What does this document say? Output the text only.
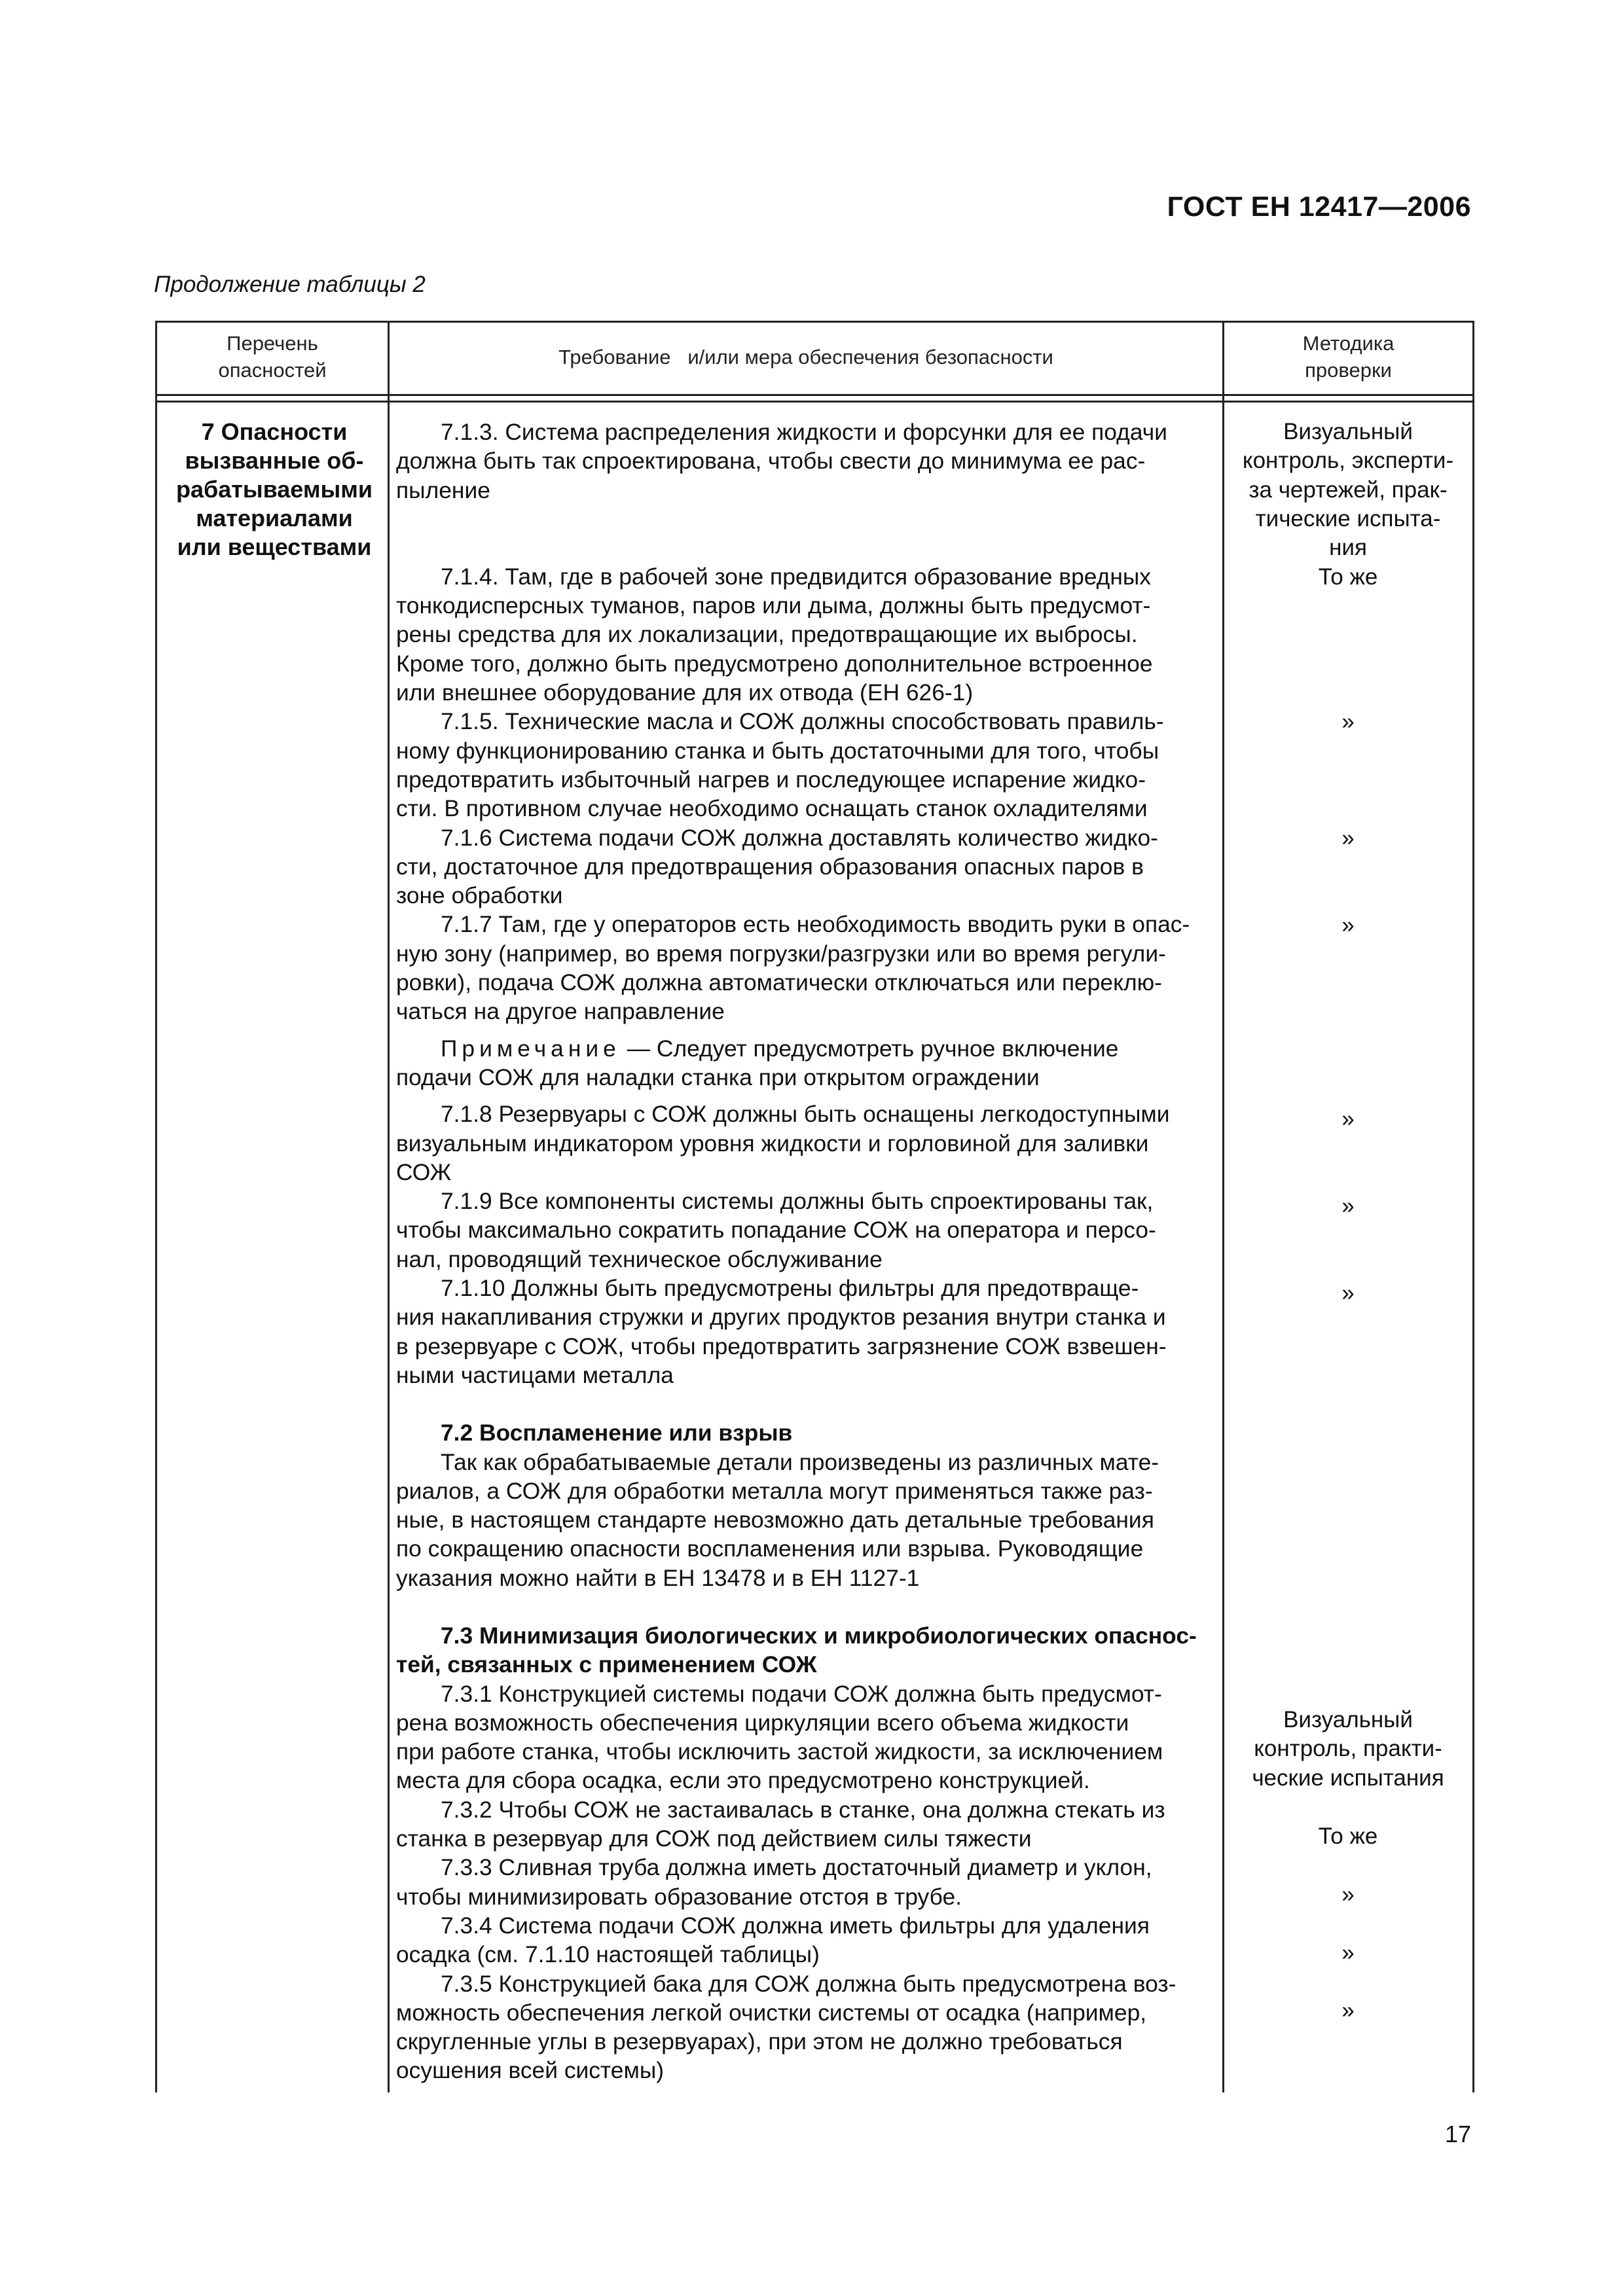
ГОСТ ЕН 12417—2006
Продолжение таблицы 2
Перечень
опасностей
Требование   и/или мера обеспечения безопасности
Методика
проверки
7 Опасности
вызванные об-
рабатываемыми
материалами
или веществами
7.1.3. Система распределения жидкости и форсунки для ее подачи
должна быть так спроектирована, чтобы свести до минимума ее рас-
пыление
7.1.4. Там, где в рабочей зоне предвидится образование вредных
тонкодисперсных туманов, паров или дыма, должны быть предусмот-
рены средства для их локализации, предотвращающие их выбросы.
Кроме того, должно быть предусмотрено дополнительное встроенное
или внешнее оборудование для их отвода (ЕН 626-1)
7.1.5. Технические масла и СОЖ должны способствовать правиль-
ному функционированию станка и быть достаточными для того, чтобы
предотвратить избыточный нагрев и последующее испарение жидко-
сти. В противном случае необходимо оснащать станок охладителями
7.1.6 Система подачи СОЖ должна доставлять количество жидко-
сти, достаточное для предотвращения образования опасных паров в
зоне обработки
7.1.7 Там, где у операторов есть необходимость вводить руки в опас-
ную зону (например, во время погрузки/разгрузки или во время регули-
ровки), подача СОЖ должна автоматически отключаться или переклю-
чаться на другое направление
Примечание — Следует предусмотреть ручное включение
подачи СОЖ для наладки станка при открытом ограждении
7.1.8 Резервуары с СОЖ должны быть оснащены легкодоступными
визуальным индикатором уровня жидкости и горловиной для заливки
СОЖ
7.1.9 Все компоненты системы должны быть спроектированы так,
чтобы максимально сократить попадание СОЖ на оператора и персо-
нал, проводящий техническое обслуживание
7.1.10 Должны быть предусмотрены фильтры для предотвраще-
ния накапливания стружки и других продуктов резания внутри станка и
в резервуаре с СОЖ, чтобы предотвратить загрязнение СОЖ взвешен-
ными частицами металла
7.2 Воспламенение или взрыв
Так как обрабатываемые детали произведены из различных мате-
риалов, а СОЖ для обработки металла могут применяться также раз-
ные, в настоящем стандарте невозможно дать детальные требования
по сокращению опасности воспламенения или взрыва. Руководящие
указания можно найти в ЕН 13478 и в ЕН 1127-1
7.3 Минимизация биологических и микробиологических опаснос-
тей, связанных с применением СОЖ
7.3.1 Конструкцией системы подачи СОЖ должна быть предусмот-
рена возможность обеспечения циркуляции всего объема жидкости
при работе станка, чтобы исключить застой жидкости, за исключением
места для сбора осадка, если это предусмотрено конструкцией.
7.3.2 Чтобы СОЖ не застаивалась в станке, она должна стекать из
станка в резервуар для СОЖ под действием силы тяжести
7.3.3 Сливная труба должна иметь достаточный диаметр и уклон,
чтобы минимизировать образование отстоя в трубе.
7.3.4 Система подачи СОЖ должна иметь фильтры для удаления
осадка (см. 7.1.10 настоящей таблицы)
7.3.5 Конструкцией бака для СОЖ должна быть предусмотрена воз-
можность обеспечения легкой очистки системы от осадка (например,
скругленные углы в резервуарах), при этом не должно требоваться
осушения всей системы)
Визуальный
контроль, эксперти-
за чертежей, прак-
тические испыта-
ния
То же
»
»
»
»
»
»
Визуальный
контроль, практи-
ческие испытания
То же
»
»
»
17
